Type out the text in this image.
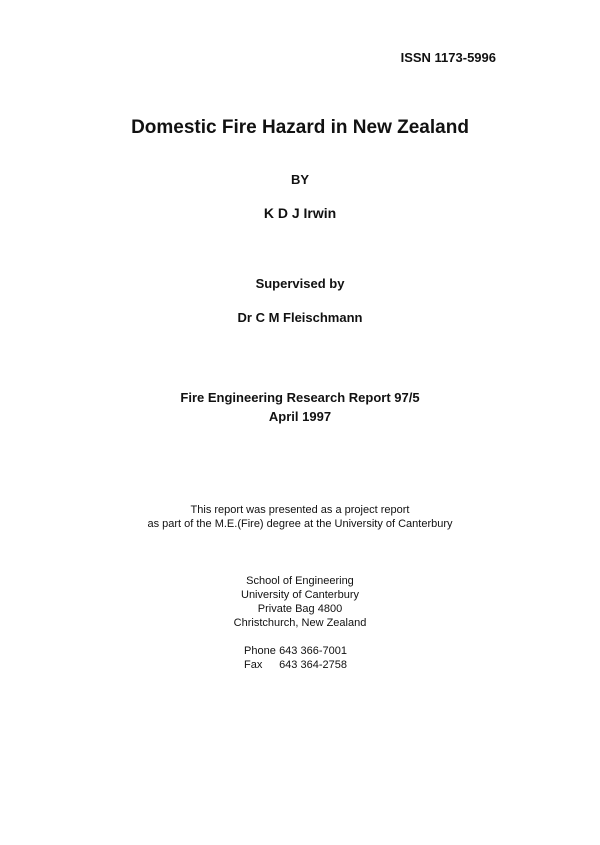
ISSN 1173-5996
Domestic Fire Hazard in New Zealand
BY
K D J Irwin
Supervised by
Dr C M Fleischmann
Fire Engineering Research Report 97/5
April 1997
This report was presented as a project report
as part of the M.E.(Fire) degree at the University of Canterbury
School of Engineering
University of Canterbury
Private Bag 4800
Christchurch, New Zealand
Phone 643 366-7001
Fax 643 364-2758
